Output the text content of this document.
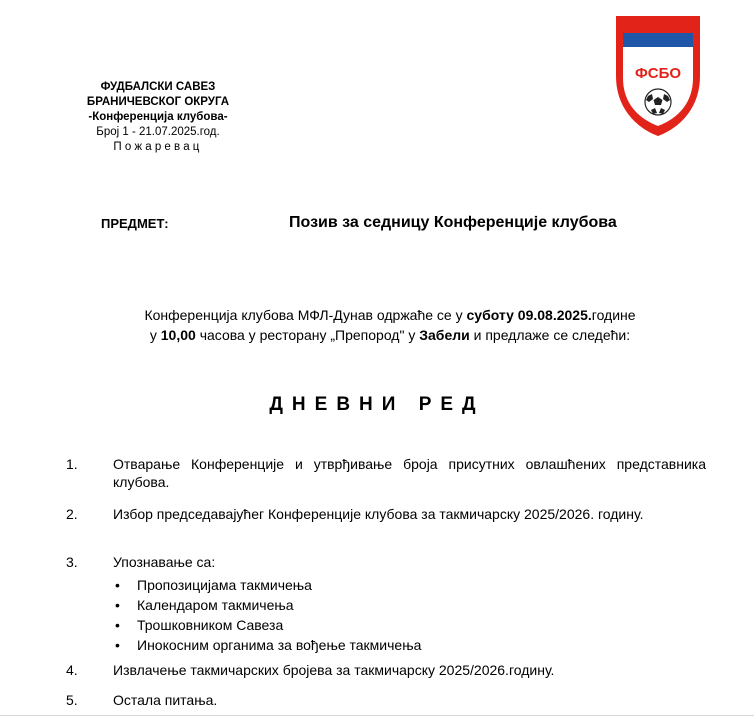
ФУДБАЛСКИ САВЕЗ
БРАНИЧЕВСКОГ ОКРУГА
-Конференција клубова-
Број 1 - 21.07.2025.год.
Пожаревац
ФСБО
ПРЕДМЕТ:	Позив за седницу Конференције клубова
Конференција клубова МФЛ-Дунав одржаће се у суботу 09.08.2025.године
у 10,00 часова у ресторану „Препород" у Забели и предлаже се следећи:
ДНЕВНИ РЕД
1.	Отварање Конференције и утврђивање броја присутних овлашћених представника клубова.
2.	Избор председавајућег Конференције клубова за такмичарску 2025/2026. годину.
3.	Упознавање са:
• Пропозицијама такмичења
• Календаром такмичења
• Трошковником Савеза
• Инокосним органима за вођење такмичења
4.	Извлачење такмичарских бројева за такмичарску 2025/2026.годину.
5.	Остала питања.
